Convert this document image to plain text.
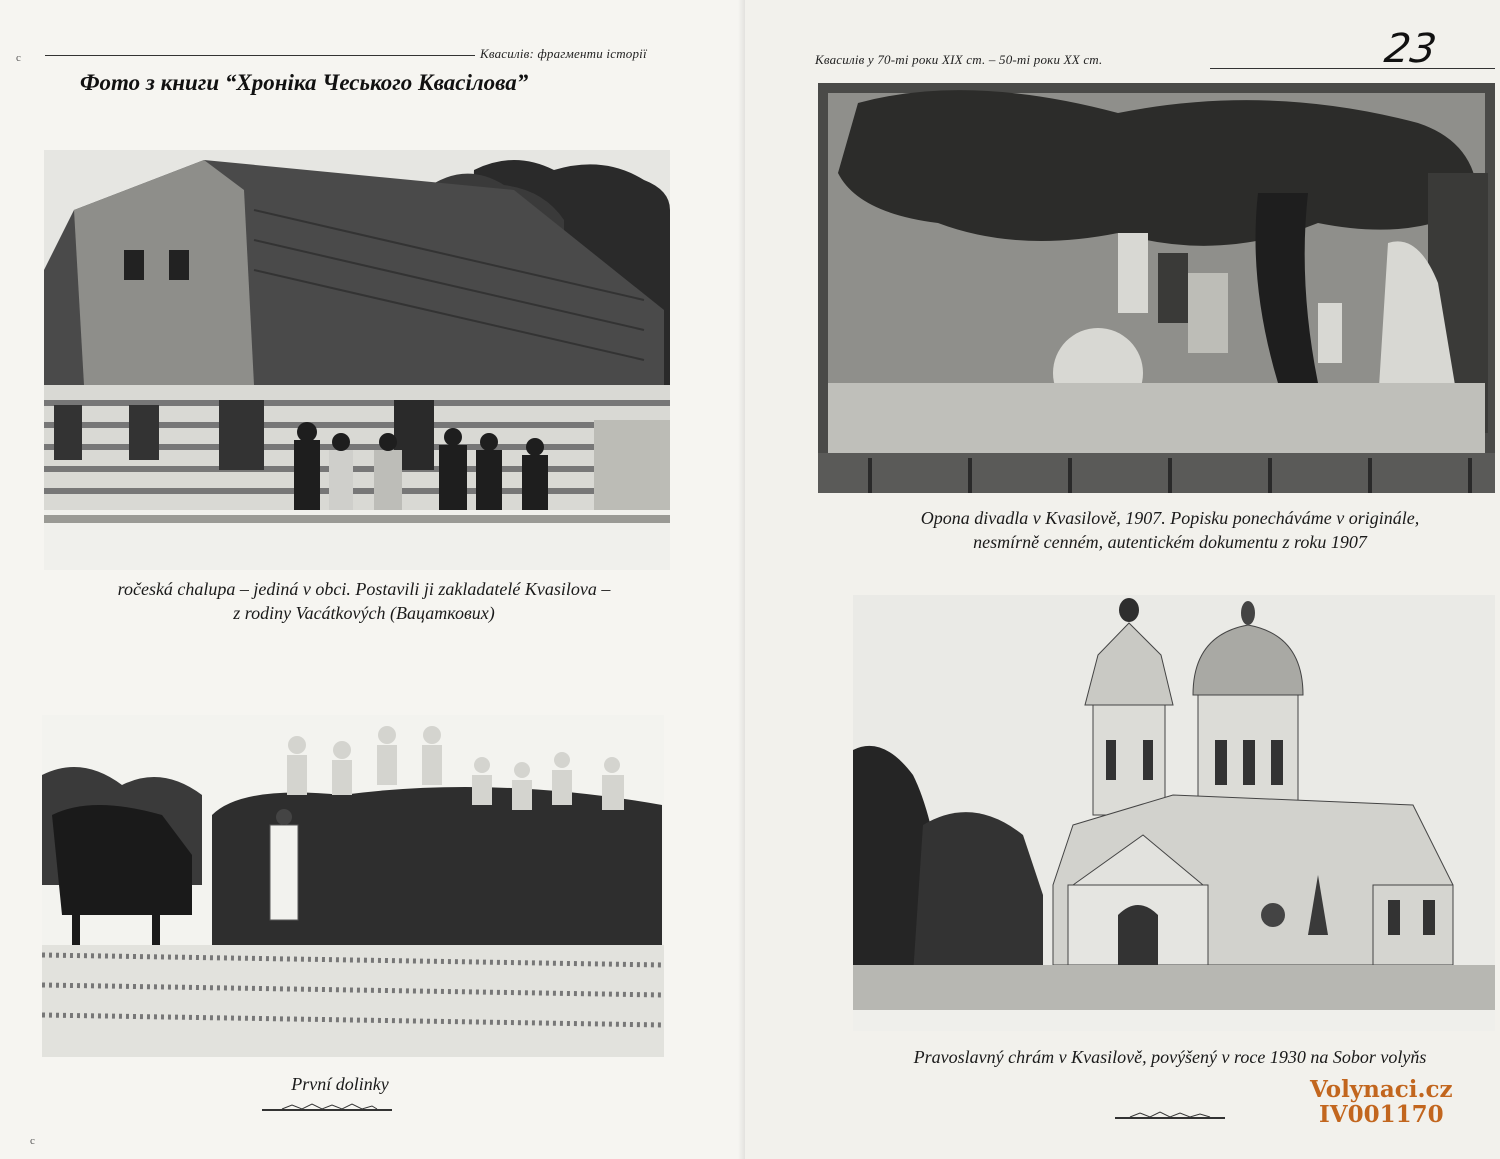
c	Квасилів: фрагменти історії
Фото з книги “Хроніка Чеського Квасілова”
ročeská chalupa – jediná v obci. Postavili ji zakladatelé Kvasilova –
z rodiny Vacátkových (Вацаткових)
První dolinky
c
Квасилів у 70-ті роки XIX ст. – 50-ті роки XX ст.	23
Opona divadla v Kvasilově, 1907. Popisku ponecháváme v originále,
nesmírně cenném, autentickém dokumentu z roku 1907
Pravoslavný chrám v Kvasilově, povýšený v roce 1930 na Sobor volyňs
Volynaci.cz
IV001170
